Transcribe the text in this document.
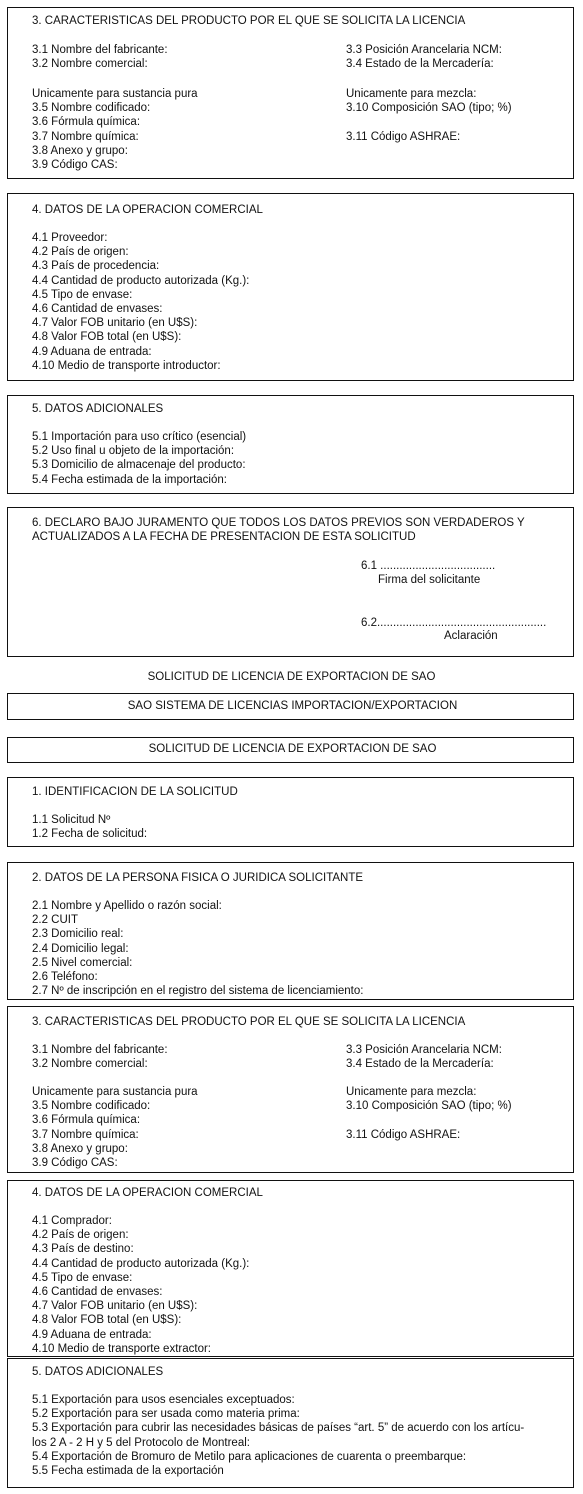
3. CARACTERISTICAS DEL PRODUCTO POR EL QUE SE SOLICITA LA LICENCIA
3.1 Nombre del fabricante:
3.2 Nombre comercial:
3.3 Posición Arancelaria NCM:
3.4 Estado de la Mercadería:
Unicamente para sustancia pura
3.5 Nombre codificado:
3.6 Fórmula química:
3.7 Nombre química:
3.8 Anexo y grupo:
3.9 Código CAS:
Unicamente para mezcla:
3.10 Composición SAO (tipo; %)
3.11 Código ASHRAE:
4. DATOS DE LA OPERACION COMERCIAL
4.1 Proveedor:
4.2 País de origen:
4.3 País de procedencia:
4.4 Cantidad de producto autorizada (Kg.):
4.5 Tipo de envase:
4.6 Cantidad de envases:
4.7 Valor FOB unitario (en U$S):
4.8 Valor FOB total (en U$S):
4.9 Aduana de entrada:
4.10 Medio de transporte introductor:
5. DATOS ADICIONALES
5.1 Importación para uso crítico (esencial)
5.2 Uso final u objeto de la importación:
5.3 Domicilio de almacenaje del producto:
5.4 Fecha estimada de la importación:
6. DECLARO BAJO JURAMENTO QUE TODOS LOS DATOS PREVIOS SON VERDADEROS Y
ACTUALIZADOS A LA FECHA DE PRESENTACION DE ESTA SOLICITUD
6.1 ....................................
Firma del solicitante
6.2.....................................................
Aclaración
SOLICITUD DE LICENCIA DE EXPORTACION DE SAO
SAO SISTEMA DE LICENCIAS IMPORTACION/EXPORTACION
SOLICITUD DE LICENCIA DE EXPORTACION DE SAO
1. IDENTIFICACION DE LA SOLICITUD
1.1 Solicitud Nº
1.2 Fecha de solicitud:
2. DATOS DE LA PERSONA FISICA O JURIDICA SOLICITANTE
2.1 Nombre y Apellido o razón social:
2.2 CUIT
2.3 Domicilio real:
2.4 Domicilio legal:
2.5 Nivel comercial:
2.6 Teléfono:
2.7 Nº de inscripción en el registro del sistema de licenciamiento:
3. CARACTERISTICAS DEL PRODUCTO POR EL QUE SE SOLICITA LA LICENCIA
3.1 Nombre del fabricante:
3.2 Nombre comercial:
3.3 Posición Arancelaria NCM:
3.4 Estado de la Mercadería:
Unicamente para sustancia pura
3.5 Nombre codificado:
3.6 Fórmula química:
3.7 Nombre química:
3.8 Anexo y grupo:
3.9 Código CAS:
Unicamente para mezcla:
3.10 Composición SAO (tipo; %)
3.11 Código ASHRAE:
4. DATOS DE LA OPERACION COMERCIAL
4.1 Comprador:
4.2 País de origen:
4.3 País de destino:
4.4 Cantidad de producto autorizada (Kg.):
4.5 Tipo de envase:
4.6 Cantidad de envases:
4.7 Valor FOB unitario (en U$S):
4.8 Valor FOB total (en U$S):
4.9 Aduana de entrada:
4.10 Medio de transporte extractor:
5. DATOS ADICIONALES
5.1 Exportación para usos esenciales exceptuados:
5.2 Exportación para ser usada como materia prima:
5.3 Exportación para cubrir las necesidades básicas de países “art. 5” de acuerdo con los artícu-
los 2 A - 2 H y 5 del Protocolo de Montreal:
5.4 Exportación de Bromuro de Metilo para aplicaciones de cuarenta o preembarque:
5.5 Fecha estimada de la exportación
